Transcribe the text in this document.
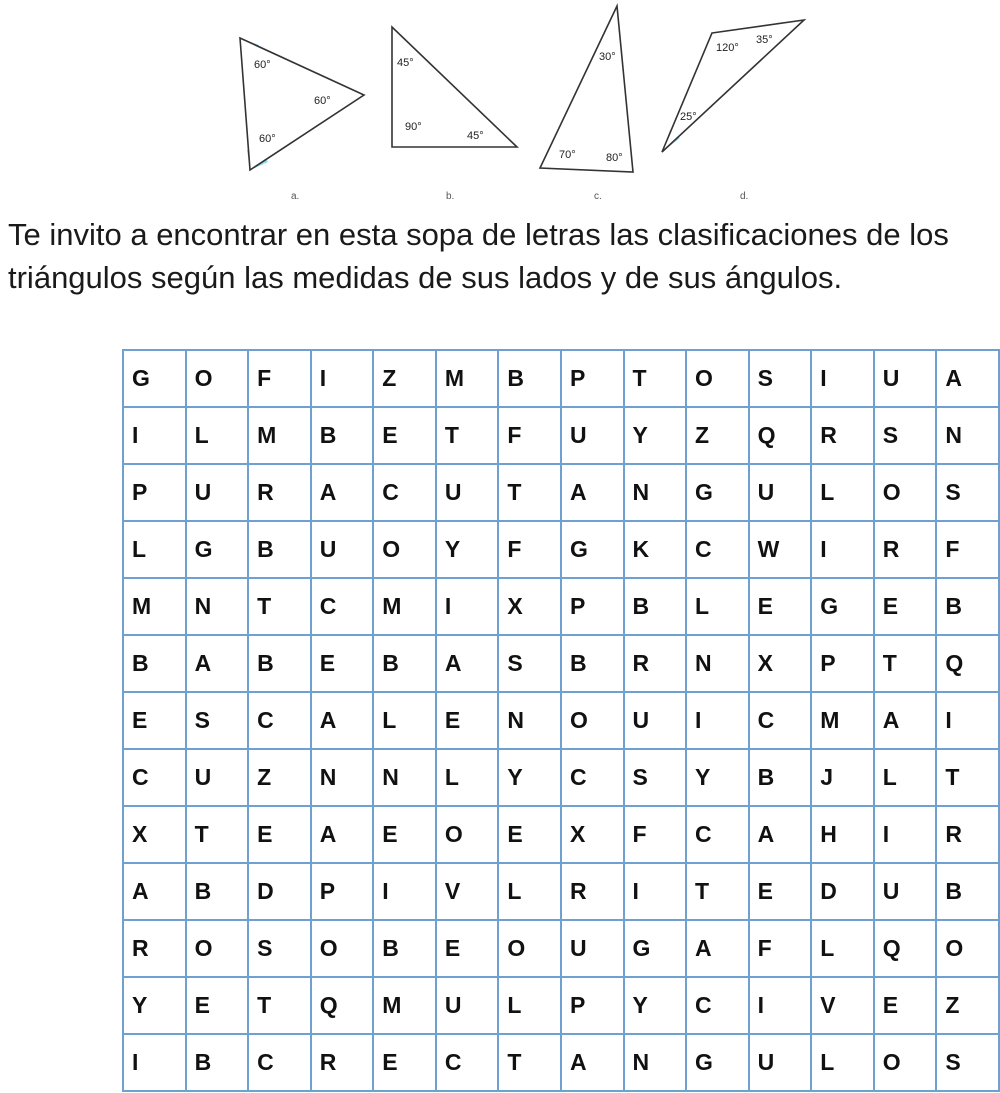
60°
60°
60°
a.
45°
90°
45°
b.
30°
70°	80°
c.
120°
35°
25°
d.

Te invito a encontrar en esta sopa de letras las clasificaciones de los triángulos según las medidas de sus lados y de sus ángulos.

G	O	F	I	Z	M	B	P	T	O	S	I	U	A
I	L	M	B	E	T	F	U	Y	Z	Q	R	S	N
P	U	R	A	C	U	T	A	N	G	U	L	O	S
L	G	B	U	O	Y	F	G	K	C	W	I	R	F
M	N	T	C	M	I	X	P	B	L	E	G	E	B
B	A	B	E	B	A	S	B	R	N	X	P	T	Q
E	S	C	A	L	E	N	O	U	I	C	M	A	I
C	U	Z	N	N	L	Y	C	S	Y	B	J	L	T
X	T	E	A	E	O	E	X	F	C	A	H	I	R
A	B	D	P	I	V	L	R	I	T	E	D	U	B
R	O	S	O	B	E	O	U	G	A	F	L	Q	O
Y	E	T	Q	M	U	L	P	Y	C	I	V	E	Z
I	B	C	R	E	C	T	A	N	G	U	L	O	S
